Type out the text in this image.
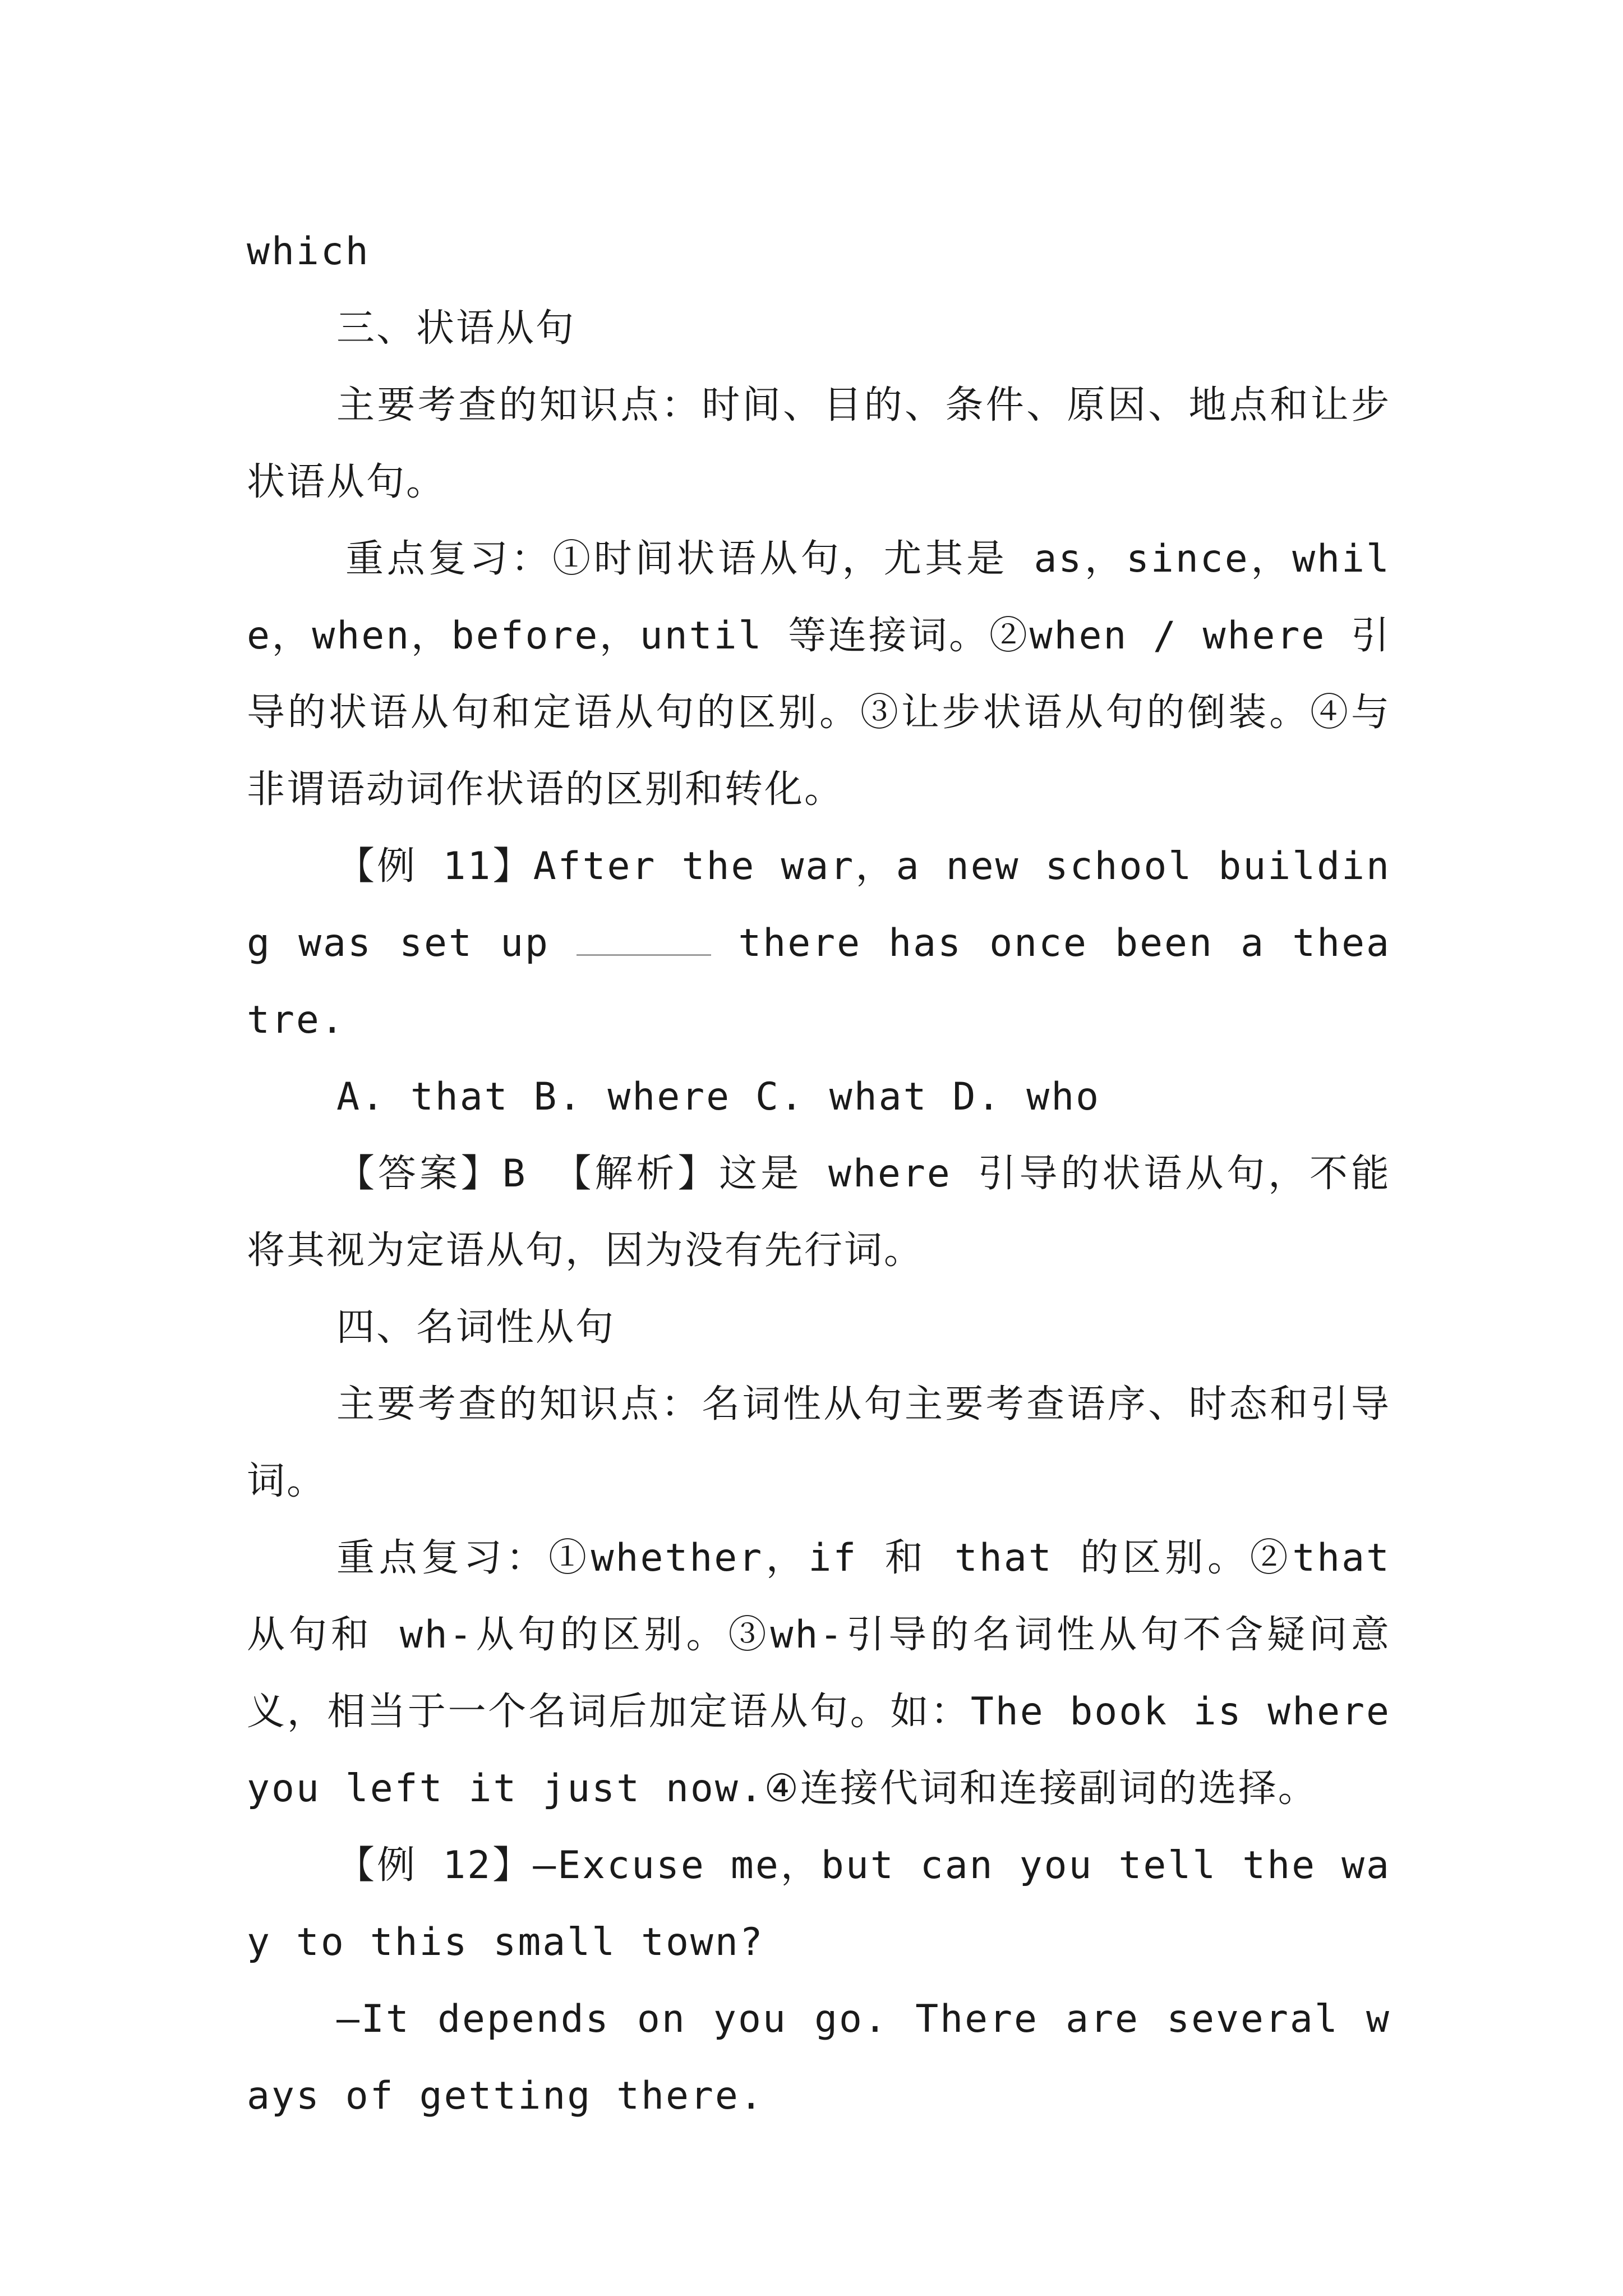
which

三、状语从句

主要考查的知识点：时间、目的、条件、原因、地点和让步状语从句。

重点复习：①时间状语从句，尤其是 as，since，while，when，before，until 等连接词。②when / where 引导的状语从句和定语从句的区别。③让步状语从句的倒装。④与非谓语动词作状语的区别和转化。

【例 11】After the war，a new school building was set up	there has once been a theatre.

A. that B. where C. what D. who

【答案】B 【解析】这是 where 引导的状语从句，不能将其视为定语从句，因为没有先行词。

四、名词性从句

主要考查的知识点：名词性从句主要考查语序、时态和引导词。

重点复习：①whether，if 和 that 的区别。②that 从句和 wh-从句的区别。③wh-引导的名词性从句不含疑问意义，相当于一个名词后加定语从句。如：The book is where you left it just now.④连接代词和连接副词的选择。

【例 12】—Excuse me，but can you tell the way to this small town?

—It depends on you go. There are several ways of getting there.
